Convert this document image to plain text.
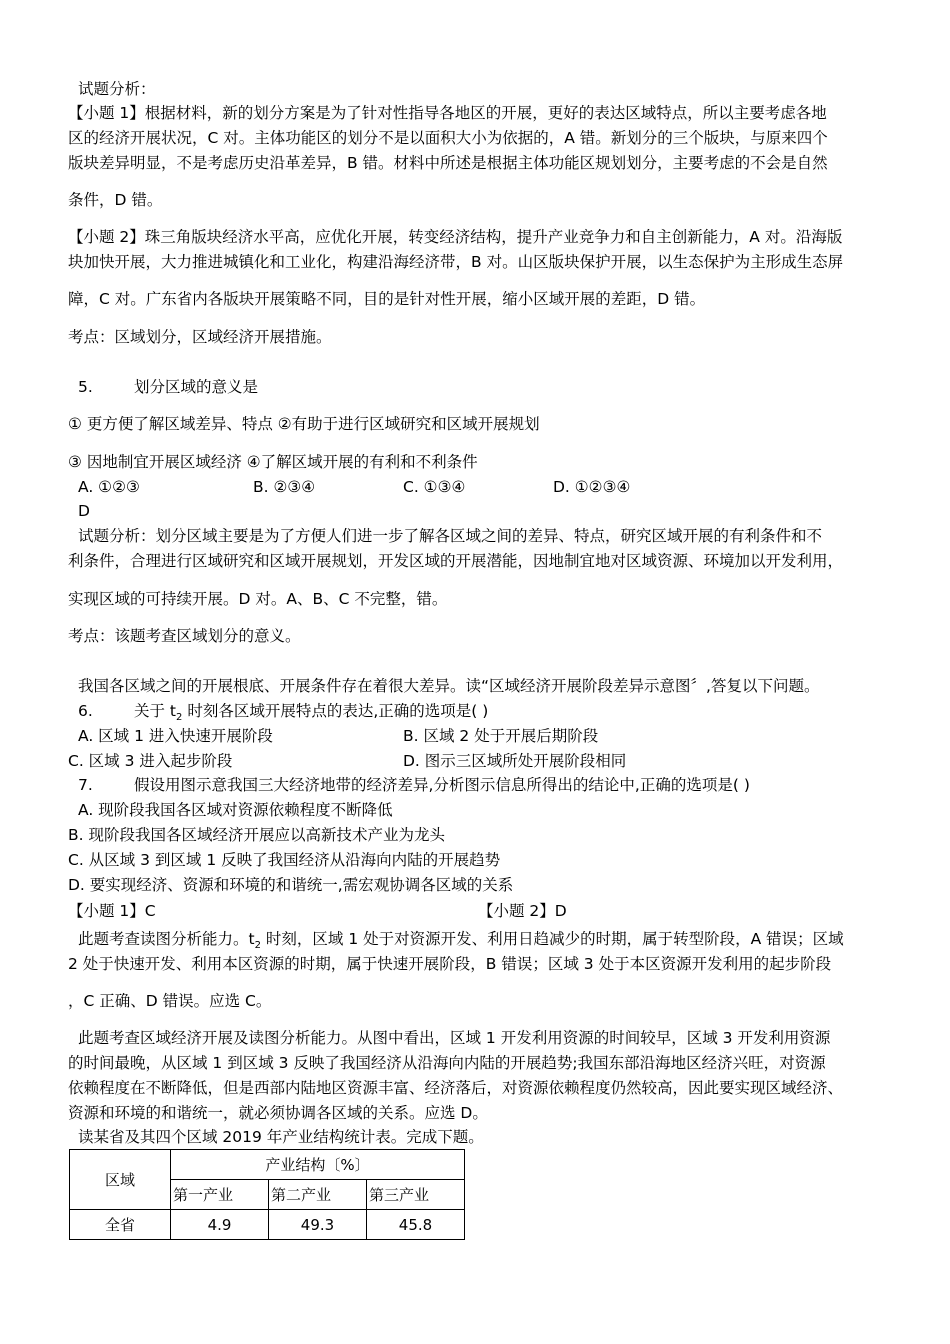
试题分析：
【小题 1】根据材料，新的划分方案是为了针对性指导各地区的开展，更好的表达区域特点，所以主要考虑各地
区的经济开展状况，C 对。主体功能区的划分不是以面积大小为依据的，A 错。新划分的三个版块，与原来四个
版块差异明显，不是考虑历史沿革差异，B 错。材料中所述是根据主体功能区规划划分，主要考虑的不会是自然
条件，D 错。
【小题 2】珠三角版块经济水平高，应优化开展，转变经济结构，提升产业竞争力和自主创新能力，A 对。沿海版
块加快开展，大力推进城镇化和工业化，构建沿海经济带，B 对。山区版块保护开展，以生态保护为主形成生态屏
障，C 对。广东省内各版块开展策略不同，目的是针对性开展，缩小区域开展的差距，D 错。
考点：区域划分，区域经济开展措施。
5.	划分区域的意义是
① 更方便了解区域差异、特点 ②有助于进行区域研究和区域开展规划
③ 因地制宜开展区域经济 ④了解区域开展的有利和不利条件
A. ①②③	B. ②③④	C. ①③④	D. ①②③④
D
试题分析：划分区域主要是为了方便人们进一步了解各区域之间的差异、特点，研究区域开展的有利条件和不
利条件，合理进行区域研究和区域开展规划，开发区域的开展潜能，因地制宜地对区域资源、环境加以开发利用，
实现区域的可持续开展。D 对。A、B、C 不完整，错。
考点：该题考查区域划分的意义。
我国各区域之间的开展根底、开展条件存在着很大差异。读“区域经济开展阶段差异示意图〞,答复以下问题。
6.	关于 $t_2$ 时刻各区域开展特点的表达,正确的选项是( )
A. 区域 1 进入快速开展阶段	B. 区域 2 处于开展后期阶段
C. 区域 3 进入起步阶段	D. 图示三区域所处开展阶段相同
7.	假设用图示意我国三大经济地带的经济差异,分析图示信息所得出的结论中,正确的选项是( )
A. 现阶段我国各区域对资源依赖程度不断降低
B. 现阶段我国各区域经济开展应以高新技术产业为龙头
C. 从区域 3 到区域 1 反映了我国经济从沿海向内陆的开展趋势
D. 要实现经济、资源和环境的和谐统一,需宏观协调各区域的关系
【小题 1】C	【小题 2】D
此题考查读图分析能力。$t_2$ 时刻，区域 1 处于对资源开发、利用日趋减少的时期，属于转型阶段，A 错误；区域
2 处于快速开发、利用本区资源的时期，属于快速开展阶段，B 错误；区域 3 处于本区资源开发利用的起步阶段
，C 正确、D 错误。应选 C。
此题考查区域经济开展及读图分析能力。从图中看出，区域 1 开发利用资源的时间较早，区域 3 开发利用资源
的时间最晚，从区域 1 到区域 3 反映了我国经济从沿海向内陆的开展趋势;我国东部沿海地区经济兴旺，对资源
依赖程度在不断降低，但是西部内陆地区资源丰富、经济落后，对资源依赖程度仍然较高，因此要实现区域经济、
资源和环境的和谐统一，就必须协调各区域的关系。应选 D。
读某省及其四个区域 2019 年产业结构统计表。完成下题。
区域	产业结构〔%〕		
	第一产业	第二产业	第三产业
全省	4.9	49.3	45.8
